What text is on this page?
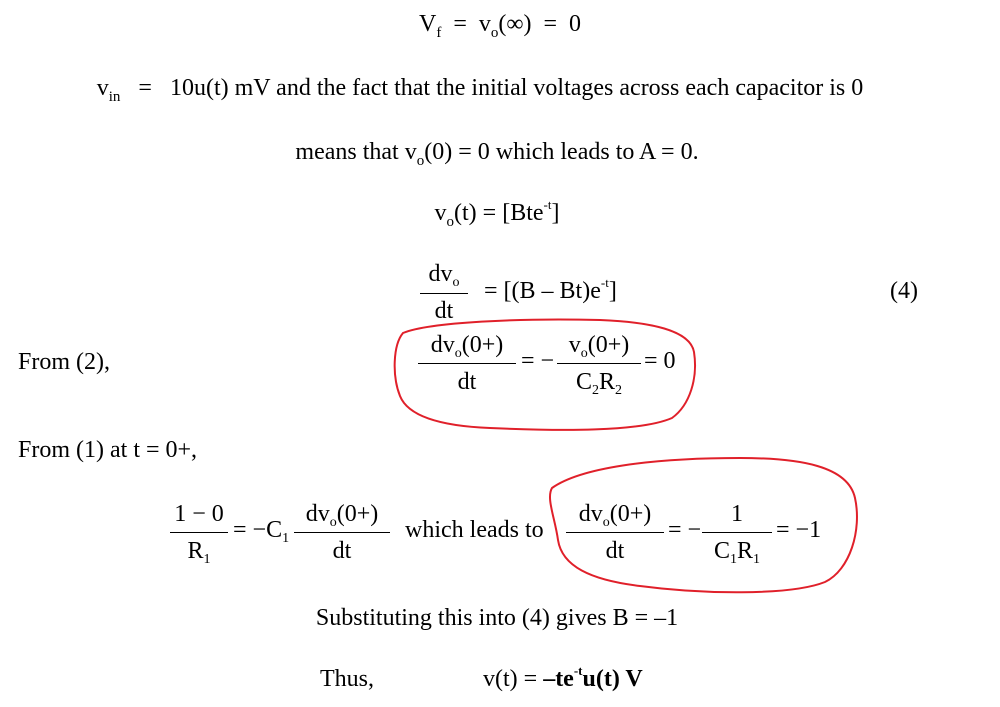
$V_f = v_o(\infty) = 0$
$v_{in} = 10u(t)$ mV and the fact that the initial voltages across each capacitor is 0
means that $v_o(0) = 0$ which leads to A = 0.
$v_o(t) = [Bte^{-t}]$
$dv_o$
dt
= $[(B - Bt)e^{-t}]$	(4)
From (2),
$dv_o(0+)$
dt
= −
$v_o(0+)$
$C_2R_2$
= 0
From (1) at t = 0+,
1 − 0
$R_1$
= $-C_1$
$dv_o(0+)$
dt
which leads to
$dv_o(0+)$
dt
= −
1
$C_1R_1$
= −1
Substituting this into (4) gives B = –1
Thus,	$v(t) = -te^{-t}u(t)$ V
